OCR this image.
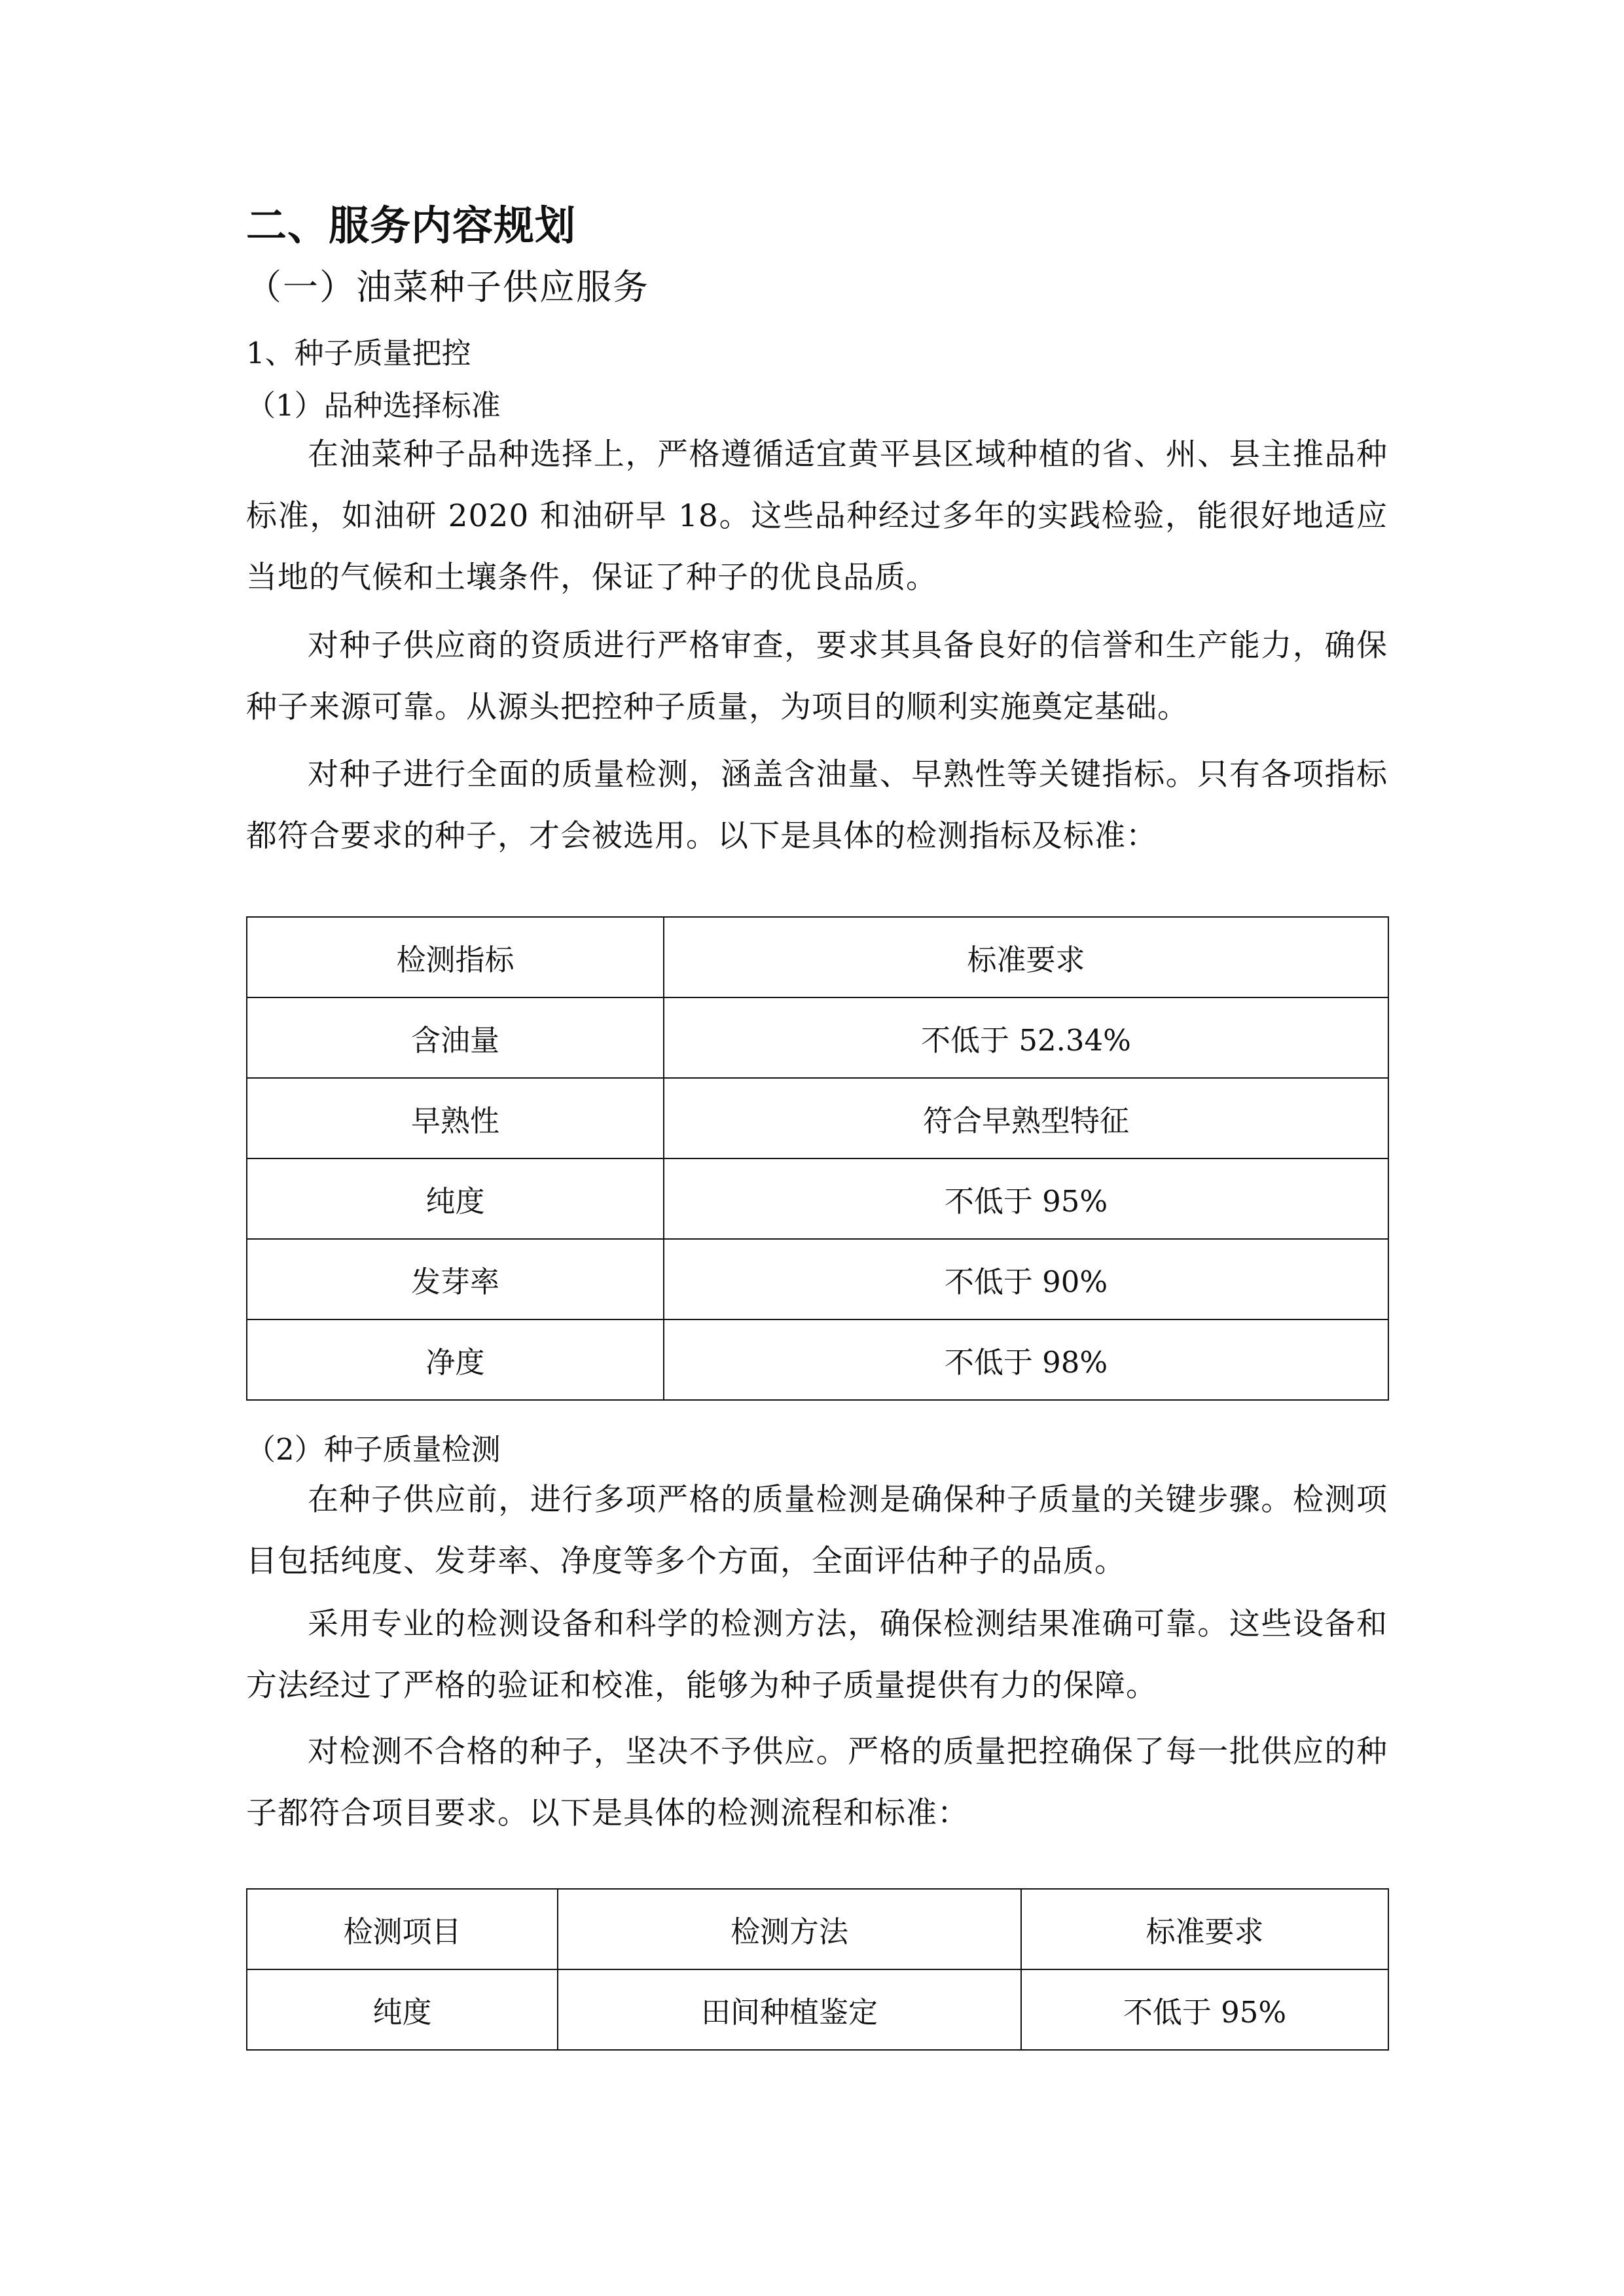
二、服务内容规划
（一）油菜种子供应服务
1、种子质量把控
（1）品种选择标准

在油菜种子品种选择上，严格遵循适宜黄平县区域种植的省、州、县主推品种标准，如油研 2020 和油研早 18。这些品种经过多年的实践检验，能很好地适应当地的气候和土壤条件，保证了种子的优良品质。

对种子供应商的资质进行严格审查，要求其具备良好的信誉和生产能力，确保种子来源可靠。从源头把控种子质量，为项目的顺利实施奠定基础。

对种子进行全面的质量检测，涵盖含油量、早熟性等关键指标。只有各项指标都符合要求的种子，才会被选用。以下是具体的检测指标及标准：

检测指标	标准要求
含油量	不低于 52.34%
早熟性	符合早熟型特征
纯度	不低于 95%
发芽率	不低于 90%
净度	不低于 98%
（2）种子质量检测

在种子供应前，进行多项严格的质量检测是确保种子质量的关键步骤。检测项目包括纯度、发芽率、净度等多个方面，全面评估种子的品质。

采用专业的检测设备和科学的检测方法，确保检测结果准确可靠。这些设备和方法经过了严格的验证和校准，能够为种子质量提供有力的保障。

对检测不合格的种子，坚决不予供应。严格的质量把控确保了每一批供应的种子都符合项目要求。以下是具体的检测流程和标准：

检测项目	检测方法	标准要求
纯度	田间种植鉴定	不低于 95%
